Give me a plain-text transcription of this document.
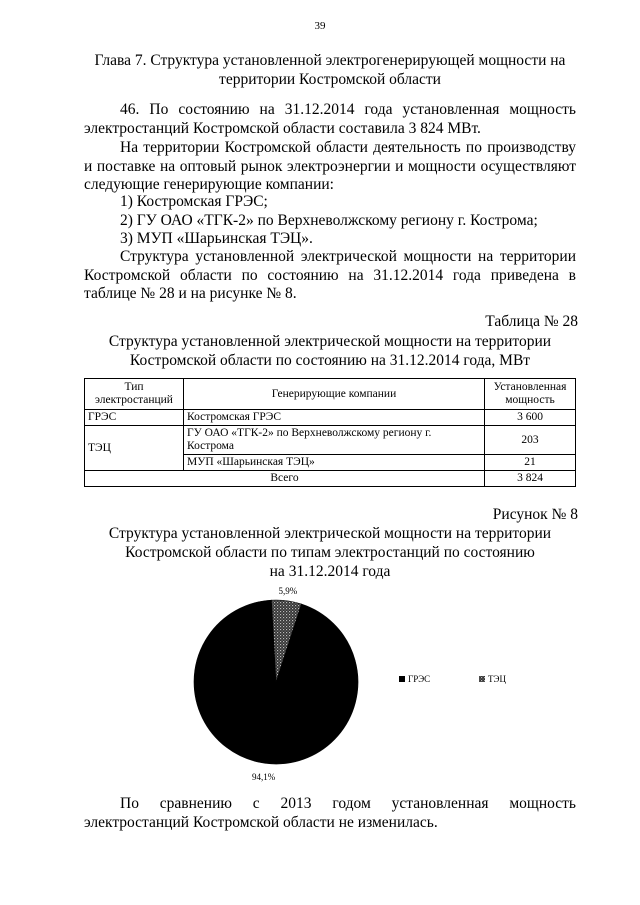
39
Глава 7. Структура установленной электрогенерирующей мощности на территории Костромской области
46. По состоянию на 31.12.2014 года установленная мощность электростанций Костромской области составила 3 824 МВт.
На территории Костромской области деятельность по производству и поставке на оптовый рынок электроэнергии и мощности осуществляют следующие генерирующие компании:
1) Костромская ГРЭС;
2) ГУ ОАО «ТГК-2» по Верхневолжскому региону г. Кострома;
3) МУП «Шарьинская ТЭЦ».
Структура установленной электрической мощности на территории Костромской области по состоянию на 31.12.2014 года приведена в таблице № 28 и на рисунке № 8.
Таблица № 28
Структура установленной электрической мощности на территории
Костромской области по состоянию на 31.12.2014 года, МВт
Тип электростанций	Генерирующие компании	Установленная мощность
ГРЭС	Костромская ГРЭС	3 600
ТЭЦ	ГУ ОАО «ТГК-2» по Верхневолжскому региону г. Кострома	203
	МУП «Шарьинская ТЭЦ»	21
Всего		3 824
Рисунок № 8
Структура установленной электрической мощности на территории
Костромской области по типам электростанций по состоянию
на 31.12.2014 года
94,1%
5,9%
ГРЭС	ТЭЦ
По сравнению с 2013 годом установленная мощность электростанций Костромской области не изменилась.
